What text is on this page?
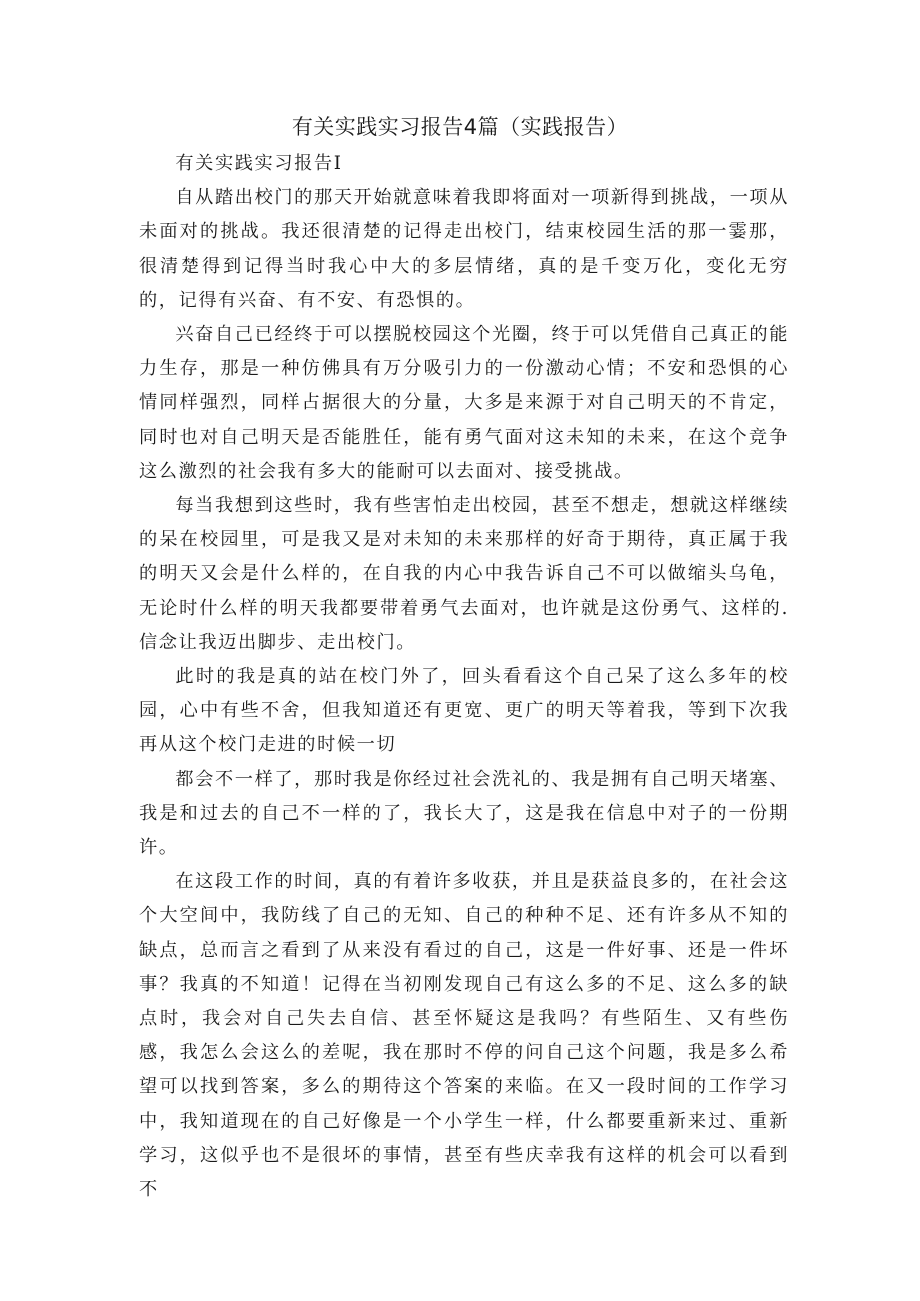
有关实践实习报告4篇（实践报告）

有关实践实习报告Ⅰ

自从踏出校门的那天开始就意味着我即将面对一项新得到挑战，一项从未面对的挑战。我还很清楚的记得走出校门，结束校园生活的那一霎那，很清楚得到记得当时我心中大的多层情绪，真的是千变万化，变化无穷的，记得有兴奋、有不安、有恐惧的。

兴奋自己已经终于可以摆脱校园这个光圈，终于可以凭借自己真正的能力生存，那是一种仿佛具有万分吸引力的一份激动心情；不安和恐惧的心情同样强烈，同样占据很大的分量，大多是来源于对自己明天的不肯定，同时也对自己明天是否能胜任，能有勇气面对这未知的未来，在这个竞争这么激烈的社会我有多大的能耐可以去面对、接受挑战。

每当我想到这些时，我有些害怕走出校园，甚至不想走，想就这样继续的呆在校园里，可是我又是对未知的未来那样的好奇于期待，真正属于我的明天又会是什么样的，在自我的内心中我告诉自己不可以做缩头乌龟，无论时什么样的明天我都要带着勇气去面对，也许就是这份勇气、这样的.信念让我迈出脚步、走出校门。

此时的我是真的站在校门外了，回头看看这个自己呆了这么多年的校园，心中有些不舍，但我知道还有更宽、更广的明天等着我，等到下次我再从这个校门走进的时候一切

都会不一样了，那时我是你经过社会洗礼的、我是拥有自己明天堵塞、我是和过去的自己不一样的了，我长大了，这是我在信息中对子的一份期许。

在这段工作的时间，真的有着许多收获，并且是获益良多的，在社会这个大空间中，我防线了自己的无知、自己的种种不足、还有许多从不知的缺点，总而言之看到了从来没有看过的自己，这是一件好事、还是一件坏事？我真的不知道！记得在当初刚发现自己有这么多的不足、这么多的缺点时，我会对自己失去自信、甚至怀疑这是我吗？有些陌生、又有些伤感，我怎么会这么的差呢，我在那时不停的问自己这个问题，我是多么希望可以找到答案，多么的期待这个答案的来临。在又一段时间的工作学习中，我知道现在的自己好像是一个小学生一样，什么都要重新来过、重新学习，这似乎也不是很坏的事情，甚至有些庆幸我有这样的机会可以看到不
